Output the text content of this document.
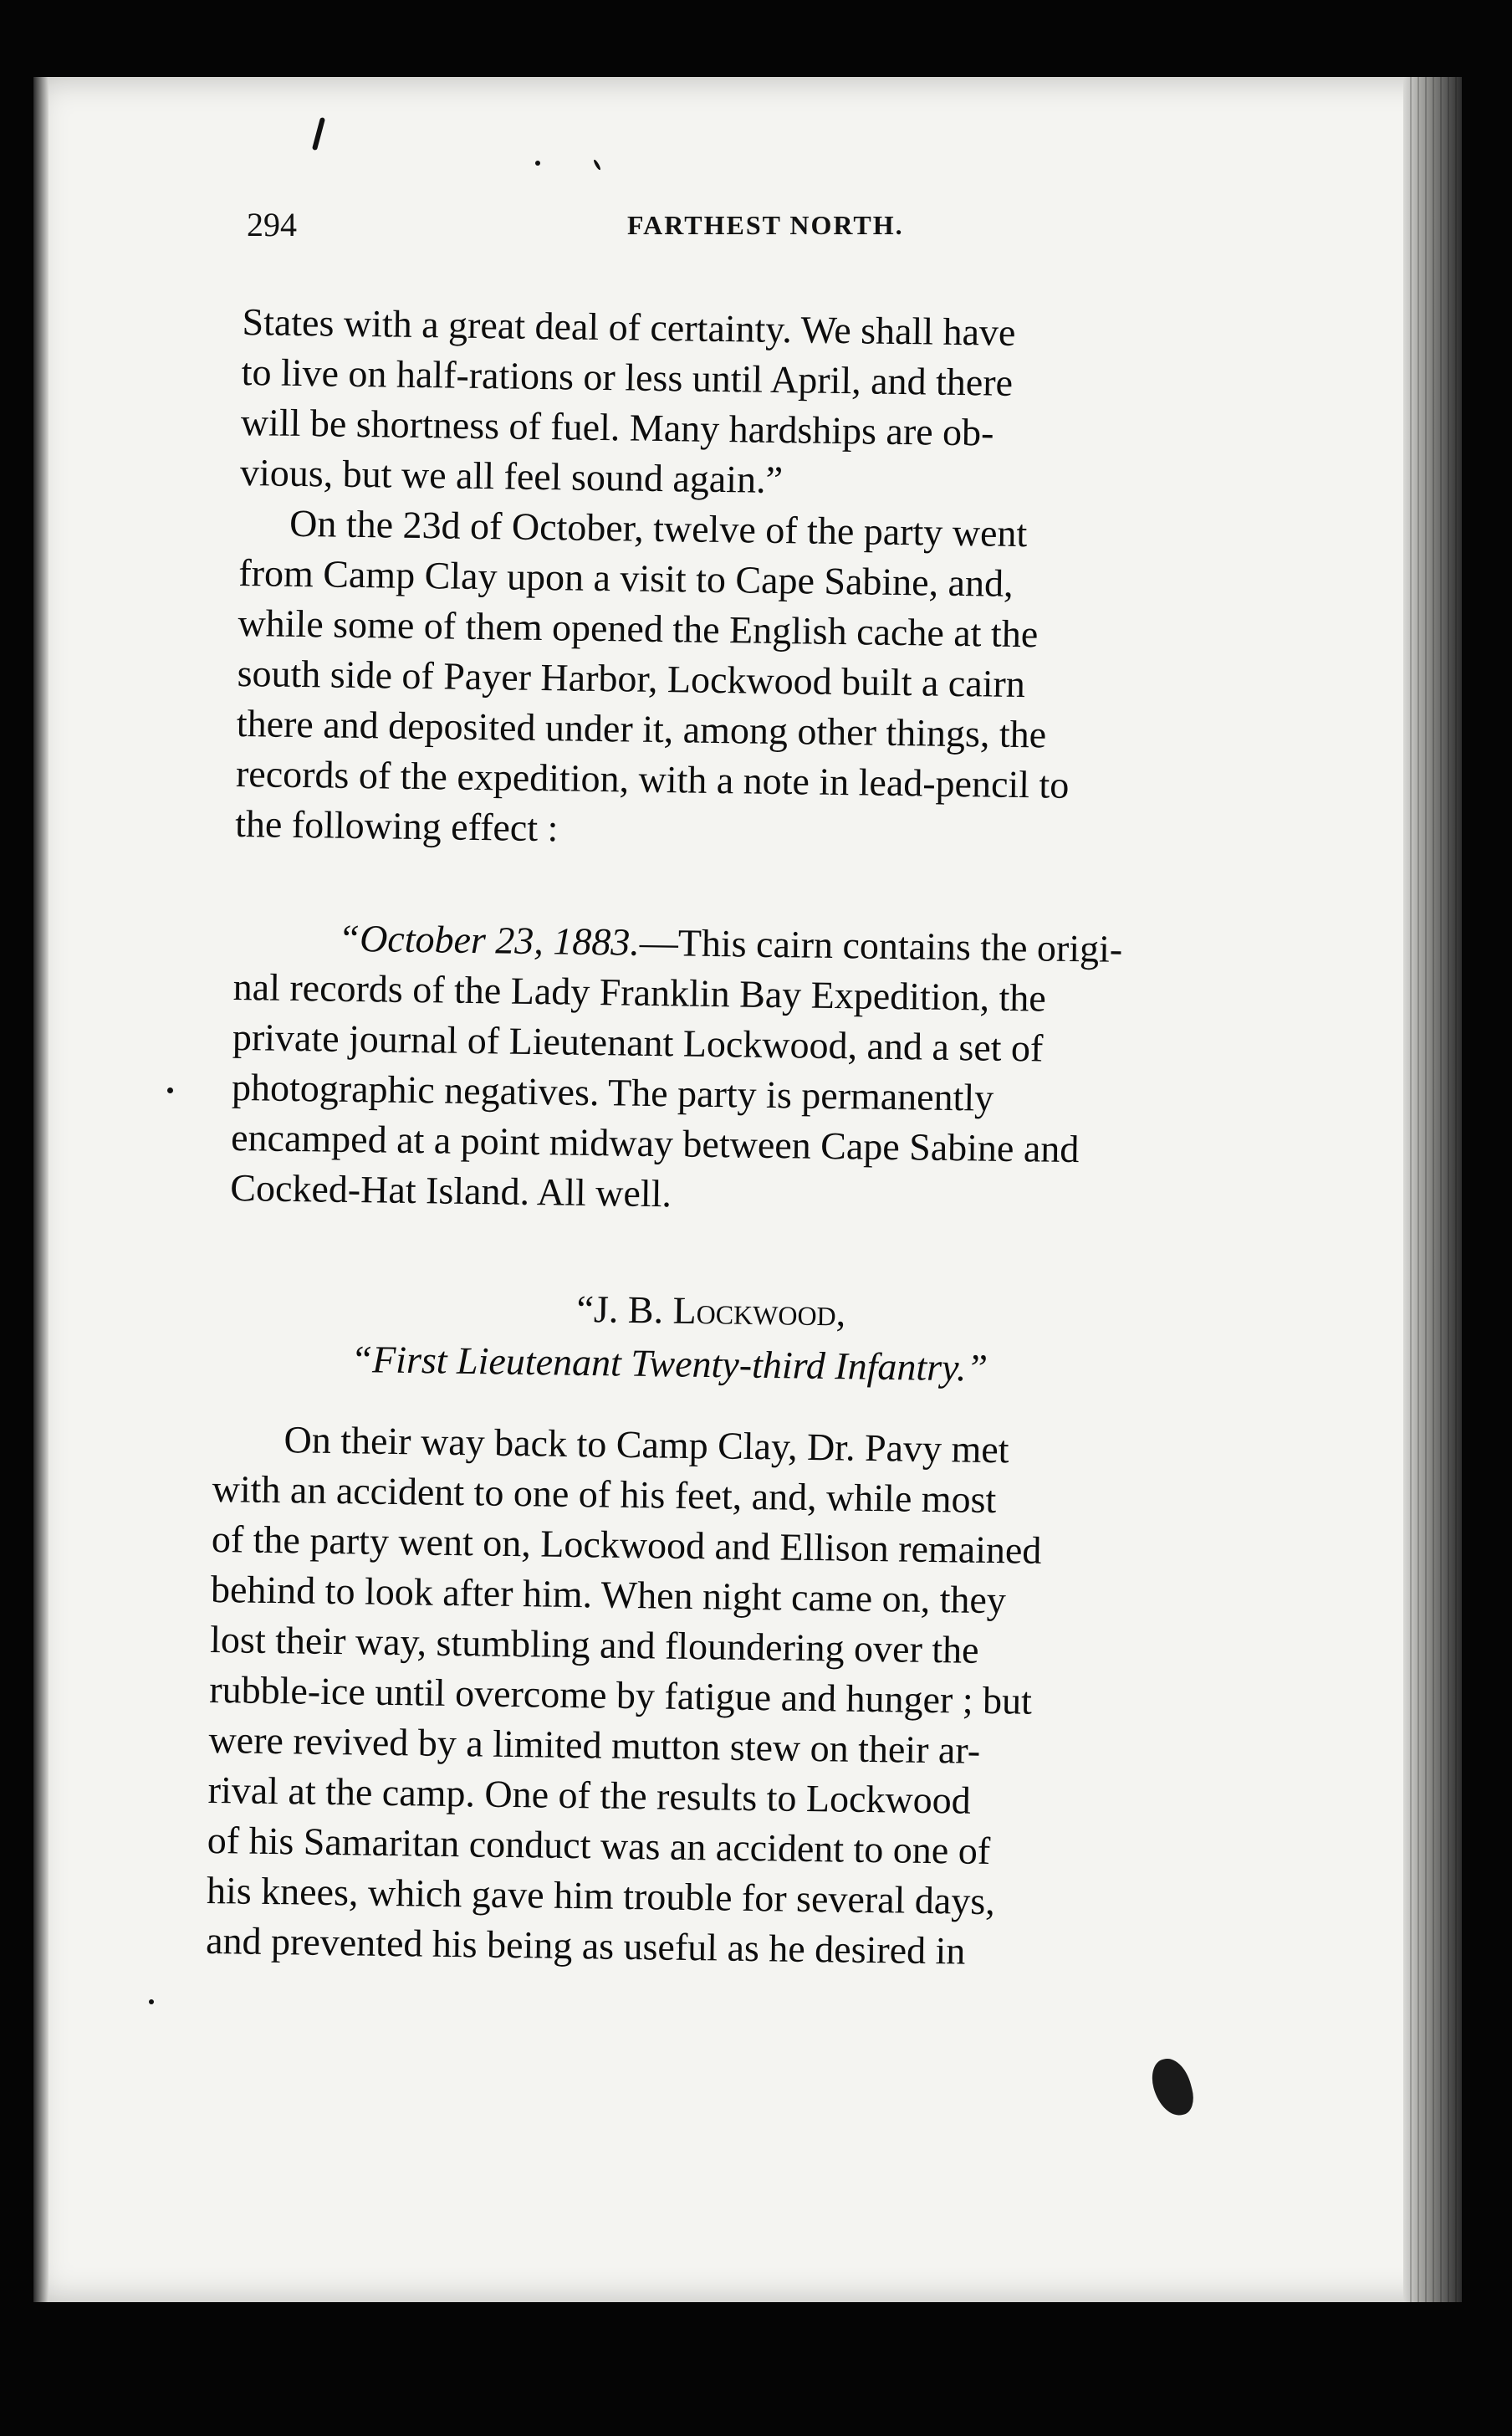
294	FARTHEST NORTH.
States with a great deal of certainty. We shall have
to live on half-rations or less until April, and there
will be shortness of fuel. Many hardships are ob-
vious, but we all feel sound again.”
On the 23d of October, twelve of the party went
from Camp Clay upon a visit to Cape Sabine, and,
while some of them opened the English cache at the
south side of Payer Harbor, Lockwood built a cairn
there and deposited under it, among other things, the
records of the expedition, with a note in lead-pencil to
the following effect :
“October 23, 1883.—This cairn contains the origi-
nal records of the Lady Franklin Bay Expedition, the
private journal of Lieutenant Lockwood, and a set of
photographic negatives. The party is permanently
encamped at a point midway between Cape Sabine and
Cocked-Hat Island. All well.
“J. B. Lockwood,
“First Lieutenant Twenty-third Infantry.”
On their way back to Camp Clay, Dr. Pavy met
with an accident to one of his feet, and, while most
of the party went on, Lockwood and Ellison remained
behind to look after him. When night came on, they
lost their way, stumbling and floundering over the
rubble-ice until overcome by fatigue and hunger ; but
were revived by a limited mutton stew on their ar-
rival at the camp. One of the results to Lockwood
of his Samaritan conduct was an accident to one of
his knees, which gave him trouble for several days,
and prevented his being as useful as he desired in
